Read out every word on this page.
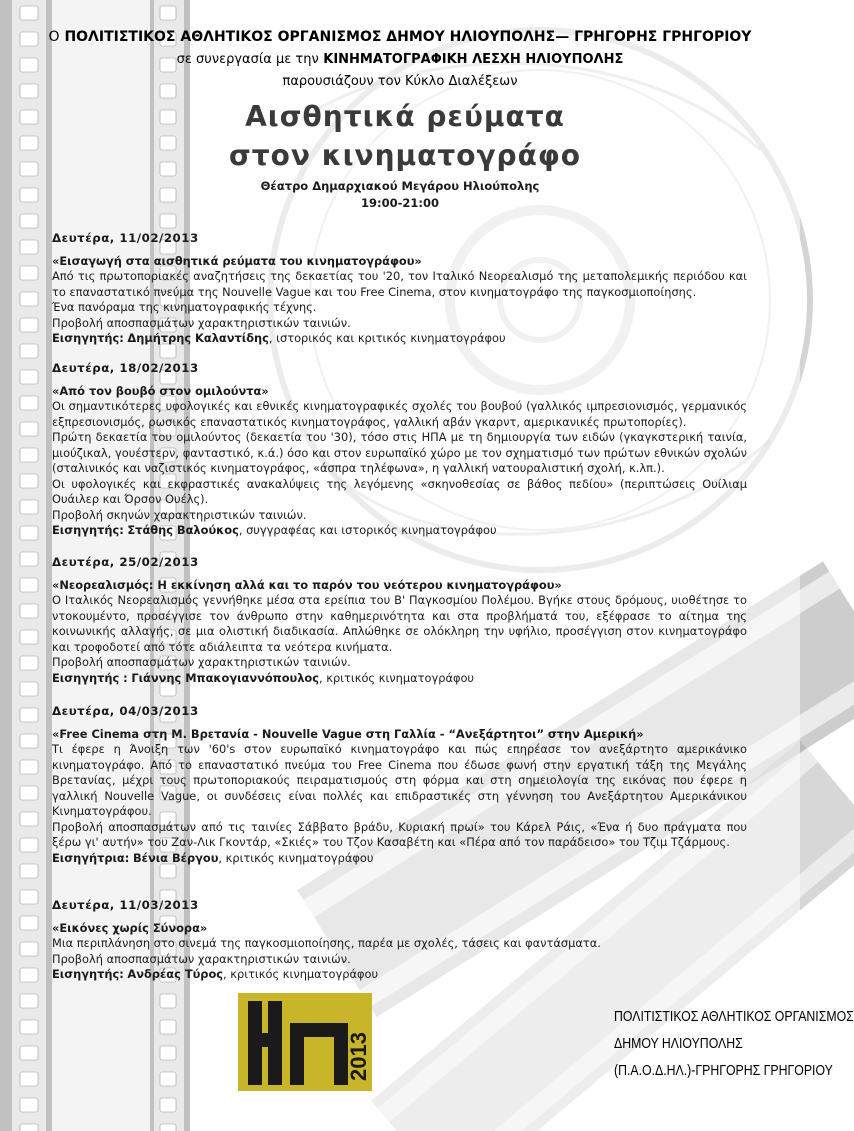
Ο ΠΟΛΙΤΙΣΤΙΚΟΣ ΑΘΛΗΤΙΚΟΣ ΟΡΓΑΝΙΣΜΟΣ ΔΗΜΟΥ ΗΛΙΟΥΠΟΛΗΣ— ΓΡΗΓΟΡΗΣ ΓΡΗΓΟΡΙΟΥ
σε συνεργασία με την ΚΙΝΗΜΑΤΟΓΡΑΦΙΚΗ ΛΕΣΧΗ ΗΛΙΟΥΠΟΛΗΣ
παρουσιάζουν τον Κύκλο Διαλέξεων
Αισθητικά ρεύματα
στον κινηματογράφο
Θέατρο Δημαρχιακού Μεγάρου Ηλιούπολης
19:00-21:00
Δευτέρα, 11/02/2013
«Εισαγωγή στα αισθητικά ρεύματα του κινηματογράφου»

Από τις πρωτοποριακές αναζητήσεις της δεκαετίας του '20, τον Ιταλικό Νεορεαλισμό της μεταπολεμικής περιόδου και το επαναστατικό πνεύμα της Nouvelle Vague και του Free Cinema, στον κινηματογράφο της παγκοσμιοποίησης.

Ένα πανόραμα της κινηματογραφικής τέχνης.

Προβολή αποσπασμάτων χαρακτηριστικών ταινιών.

Εισηγητής: Δημήτρης Καλαντίδης, ιστορικός και κριτικός κινηματογράφου

Δευτέρα, 18/02/2013
«Από τον βουβό στον ομιλούντα»

Οι σημαντικότερες υφολογικές και εθνικές κινηματογραφικές σχολές του βουβού (γαλλικός ιμπρεσιονισμός, γερμανικός εξπρεσιονισμός, ρωσικός επαναστατικός κινηματογράφος, γαλλική αβάν γκαρντ, αμερικανικές πρωτοπορίες).

Πρώτη δεκαετία του ομιλούντος (δεκαετία του '30), τόσο στις ΗΠΑ με τη δημιουργία των ειδών (γκαγκστερική ταινία, μιούζικαλ, γουέστερν, φανταστικό, κ.ά.) όσο και στον ευρωπαϊκό χώρο με τον σχηματισμό των πρώτων εθνικών σχολών (σταλινικός και ναζιστικός κινηματογράφος, «άσπρα τηλέφωνα», η γαλλική νατουραλιστική σχολή, κ.λπ.).

Οι υφολογικές και εκφραστικές ανακαλύψεις της λεγόμενης «σκηνοθεσίας σε βάθος πεδίου» (περιπτώσεις Ουίλιαμ Ουάιλερ και Όρσον Ουέλς).

Προβολή σκηνών χαρακτηριστικών ταινιών.

Εισηγητής: Στάθης Βαλούκος, συγγραφέας και ιστορικός κινηματογράφου

Δευτέρα, 25/02/2013
«Νεορεαλισμός: Η εκκίνηση αλλά και το παρόν του νεότερου κινηματογράφου»

Ο Ιταλικός Νεορεαλισμός γεννήθηκε μέσα στα ερείπια του Β' Παγκοσμίου Πολέμου. Βγήκε στους δρόμους, υιοθέτησε το ντοκουμέντο, προσέγγισε τον άνθρωπο στην καθημερινότητα και στα προβλήματά του, εξέφρασε το αίτημα της κοινωνικής αλλαγής, σε μια ολιστική διαδικασία. Απλώθηκε σε ολόκληρη την υφήλιο, προσέγγιση στον κινηματογράφο και τροφοδοτεί από τότε αδιάλειπτα τα νεότερα κινήματα.

Προβολή αποσπασμάτων χαρακτηριστικών ταινιών.

Εισηγητής : Γιάννης Μπακογιαννόπουλος, κριτικός κινηματογράφου

Δευτέρα, 04/03/2013
«Free Cinema στη Μ. Βρετανία - Nouvelle Vague στη Γαλλία - “Ανεξάρτητοι” στην Αμερική»

Τι έφερε η Άνοιξη των '60's στον ευρωπαϊκό κινηματογράφο και πώς επηρέασε τον ανεξάρτητο αμερικάνικο κινηματογράφο. Από το επαναστατικό πνεύμα του Free Cinema που έδωσε φωνή στην εργατική τάξη της Μεγάλης Βρετανίας, μέχρι τους πρωτοποριακούς πειραματισμούς στη φόρμα και στη σημειολογία της εικόνας που έφερε η γαλλική Nouvelle Vague, οι συνδέσεις είναι πολλές και επιδραστικές στη γέννηση του Ανεξάρτητου Αμερικάνικου Κινηματογράφου.

Προβολή αποσπασμάτων από τις ταινίες Σάββατο βράδυ, Κυριακή πρωί» του Κάρελ Ράις, «Ένα ή δυο πράγματα που ξέρω γι' αυτήν» του Ζαν-Λικ Γκοντάρ, «Σκιές» του Τζον Κασαβέτη και «Πέρα από τον παράδεισο» του Τζιμ Τζάρμους.

Εισηγήτρια: Βένια Βέργου, κριτικός κινηματογράφου

Δευτέρα, 11/03/2013
«Εικόνες χωρίς Σύνορα»

Μια περιπλάνηση στο σινεμά της παγκοσμιοποίησης, παρέα με σχολές, τάσεις και φαντάσματα.

Προβολή αποσπασμάτων χαρακτηριστικών ταινιών.

Εισηγητής: Ανδρέας Τύρος, κριτικός κινηματογράφου

2013
ΠΟΛΙΤΙΣΤΙΚΟΣ ΑΘΛΗΤΙΚΟΣ ΟΡΓΑΝΙΣΜΟΣ
ΔΗΜΟΥ ΗΛΙΟΥΠΟΛΗΣ
(Π.Α.Ο.Δ.ΗΛ.)-ΓΡΗΓΟΡΗΣ ΓΡΗΓΟΡΙΟΥ
